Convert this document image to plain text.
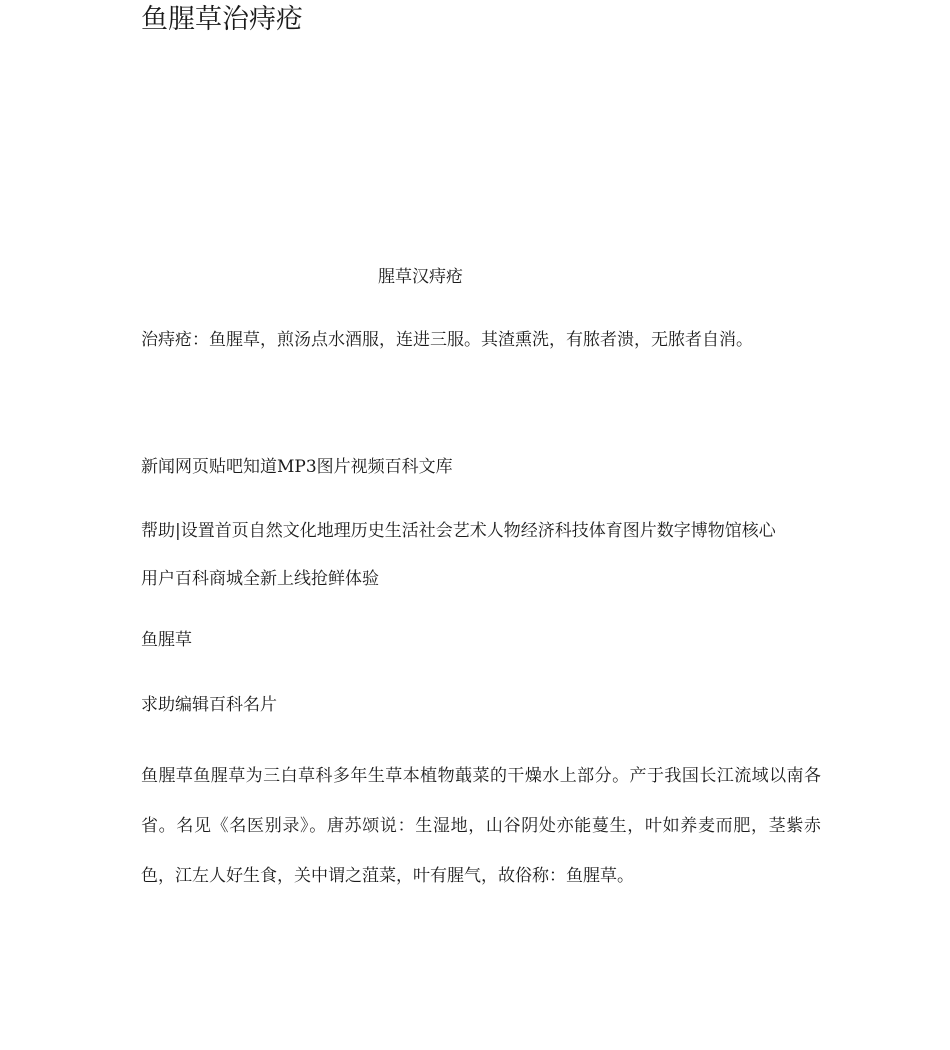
鱼腥草治痔疮
腥草汉痔疮
治痔疮：鱼腥草，煎汤点水酒服，连进三服。其渣熏洗，有脓者溃，无脓者自消。
新闻网页贴吧知道MP3图片视频百科文库
帮助|设置首页自然文化地理历史生活社会艺术人物经济科技体育图片数字博物馆核心
用户百科商城全新上线抢鲜体验
鱼腥草
求助编辑百科名片

鱼腥草鱼腥草为三白草科多年生草本植物蕺菜的干燥水上部分。产于我国长江流域以南各省。名见《名医别录》。唐苏颂说：生湿地，山谷阴处亦能蔓生，叶如养麦而肥，茎紫赤色，江左人好生食，关中谓之菹菜，叶有腥气，故俗称：鱼腥草。
